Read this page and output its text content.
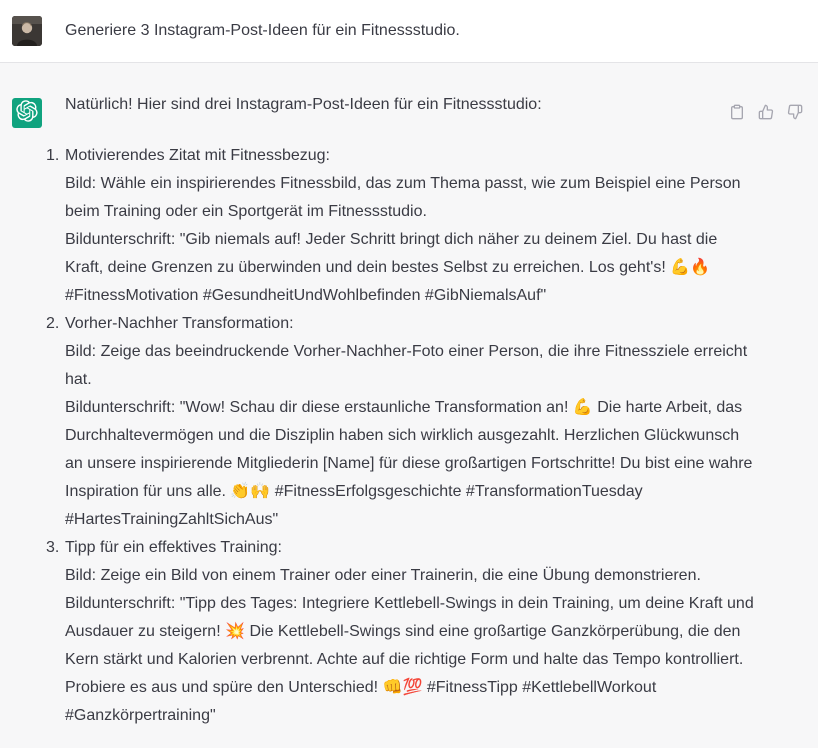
Generiere 3 Instagram-Post-Ideen für ein Fitnessstudio.
Natürlich! Hier sind drei Instagram-Post-Ideen für ein Fitnessstudio:
1. Motivierendes Zitat mit Fitnessbezug:
Bild: Wähle ein inspirierendes Fitnessbild, das zum Thema passt, wie zum Beispiel eine Person beim Training oder ein Sportgerät im Fitnessstudio.
Bildunterschrift: "Gib niemals auf! Jeder Schritt bringt dich näher zu deinem Ziel. Du hast die Kraft, deine Grenzen zu überwinden und dein bestes Selbst zu erreichen. Los geht's! 💪🔥 #FitnessMotivation #GesundheitUndWohlbefinden #GibNiemalsAuf"
2. Vorher-Nachher Transformation:
Bild: Zeige das beeindruckende Vorher-Nachher-Foto einer Person, die ihre Fitnessziele erreicht hat.
Bildunterschrift: "Wow! Schau dir diese erstaunliche Transformation an! 💪 Die harte Arbeit, das Durchhaltevermögen und die Disziplin haben sich wirklich ausgezahlt. Herzlichen Glückwunsch an unsere inspirierende Mitgliederin [Name] für diese großartigen Fortschritte! Du bist eine wahre Inspiration für uns alle. 👏🙌 #FitnessErfolgsgeschichte #TransformationTuesday #HartesTrainingZahltSichAus"
3. Tipp für ein effektives Training:
Bild: Zeige ein Bild von einem Trainer oder einer Trainerin, die eine Übung demonstrieren.
Bildunterschrift: "Tipp des Tages: Integriere Kettlebell-Swings in dein Training, um deine Kraft und Ausdauer zu steigern! 💥 Die Kettlebell-Swings sind eine großartige Ganzkörperübung, die den Kern stärkt und Kalorien verbrennt. Achte auf die richtige Form und halte das Tempo kontrolliert. Probiere es aus und spüre den Unterschied! 👊💯 #FitnessTipp #KettlebellWorkout #Ganzkörpertraining"
